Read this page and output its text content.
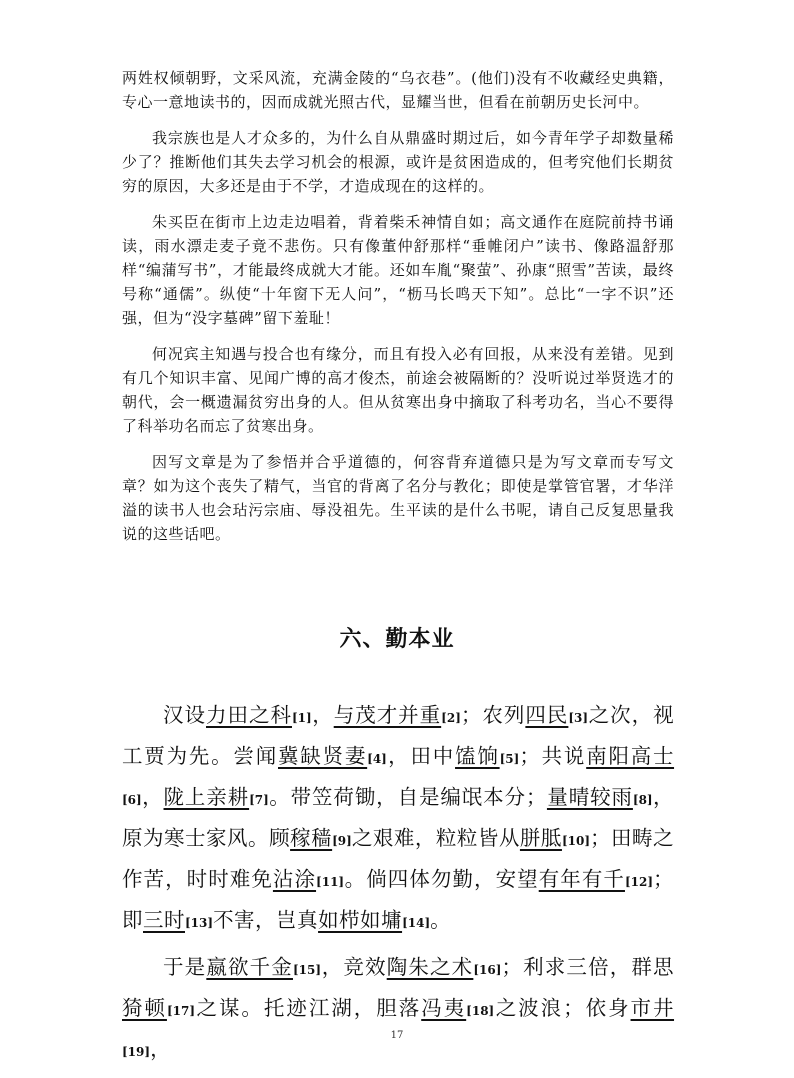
两姓权倾朝野，文采风流，充满金陵的“乌衣巷”。(他们)没有不收藏经史典籍，专心一意地读书的，因而成就光照古代，显耀当世，但看在前朝历史长河中。

我宗族也是人才众多的，为什么自从鼎盛时期过后，如今青年学子却数量稀少了？推断他们其失去学习机会的根源，或许是贫困造成的，但考究他们长期贫穷的原因，大多还是由于不学，才造成现在的这样的。

朱买臣在街市上边走边唱着，背着柴禾神情自如；高文通作在庭院前持书诵读，雨水漂走麦子竟不悲伤。只有像董仲舒那样“垂帷闭户”读书、像路温舒那样“编蒲写书”，才能最终成就大才能。还如车胤“聚萤”、孙康“照雪”苦读，最终号称“通儒”。纵使“十年窗下无人问”，“枥马长鸣天下知”。总比“一字不识”还强，但为“没字墓碑”留下羞耻！

何况宾主知遇与投合也有缘分，而且有投入必有回报，从来没有差错。见到有几个知识丰富、见闻广博的高才俊杰，前途会被隔断的？没听说过举贤选才的朝代，会一概遗漏贫穷出身的人。但从贫寒出身中摘取了科考功名，当心不要得了科举功名而忘了贫寒出身。

因写文章是为了参悟并合乎道德的，何容背弃道德只是为写文章而专写文章？如为这个丧失了精气，当官的背离了名分与教化；即使是掌管官署，才华洋溢的读书人也会玷污宗庙、辱没祖先。生平读的是什么书呢，请自己反复思量我说的这些话吧。

六、勤本业

汉设力田之科[1]，与茂才并重[2]；农列四民[3]之次，视工贾为先。尝闻冀缺贤妻[4]，田中馌饷[5]；共说南阳高士[6]，陇上亲耕[7]。带笠荷锄，自是编氓本分；量晴较雨[8]，原为寒士家风。顾稼穑[9]之艰难，粒粒皆从胼胝[10]；田畴之作苦，时时难免沾涂[11]。倘四体勿勤，安望有年有千[12]；即三时[13]不害，岂真如栉如墉[14]。

于是嬴欲千金[15]，竞效陶朱之术[16]；利求三倍，群思猗顿[17]之谋。托迹江湖，胆落冯夷[18]之波浪；依身市井[19]，

17
